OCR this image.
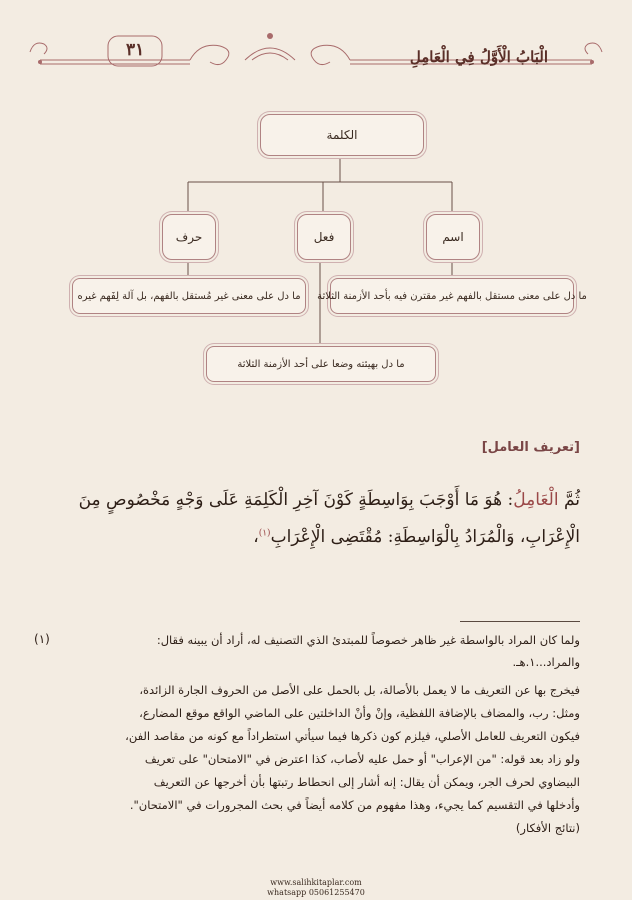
٣١	الْبَابُ الْأَوَّلُ فِي الْعَامِلِ
الكلمة
اسم
فعل
حرف
ما دل على معنى مستقل بالفهم غير مقترن فيه بأحد الأزمنة الثلاثة
ما دل على معنى غير مُستقل بالفهم، بل آلة لِفَهم غيره
ما دل بهيئته وضعا على أحد الأزمنة الثلاثة
[تعريف العامل]
ثُمَّ الْعَامِلُ: هُوَ مَا أَوْجَبَ بِوَاسِطَةٍ كَوْنَ آخِرِ الْكَلِمَةِ عَلَى وَجْهٍ مَخْصُوصٍ مِنَ
الْإِعْرَابِ، وَالْمُرَادُ بِالْوَاسِطَةِ: مُقْتَضِى الْإِعْرَابِ$^{(١)}$،
(١)	ولما كان المراد بالواسطة غير ظاهر خصوصاً للمبتدئ الذي التصنيف له، أراد أن يبينه فقال:
والمراد...١.هـ.
فيخرج بها عن التعريف ما لا يعمل بالأصالة، بل بالحمل على الأصل من الحروف الجارة الزائدة،
ومثل: رب، والمضاف بالإضافة اللفظية، وإنْ وأنْ الداخلتين على الماضي الواقع موقع المضارع،
فيكون التعريف للعامل الأصلي، فيلزم كون ذكرها فيما سيأتي استطراداً مع كونه من مقاصد الفن،
ولو زاد بعد قوله: "من الإعراب" أو حمل عليه لأصاب، كذا اعترض في "الامتحان" على تعريف
البيضاوي لحرف الجر، ويمكن أن يقال: إنه أشار إلى انحطاط رتبتها بأن أخرجها عن التعريف
وأدخلها في التقسيم كما يجيء، وهذا مفهوم من كلامه أيضاً في بحث المجرورات في "الامتحان".
(نتائج الأفكار)
www.salihkitaplar.com
whatsapp 05061255470
